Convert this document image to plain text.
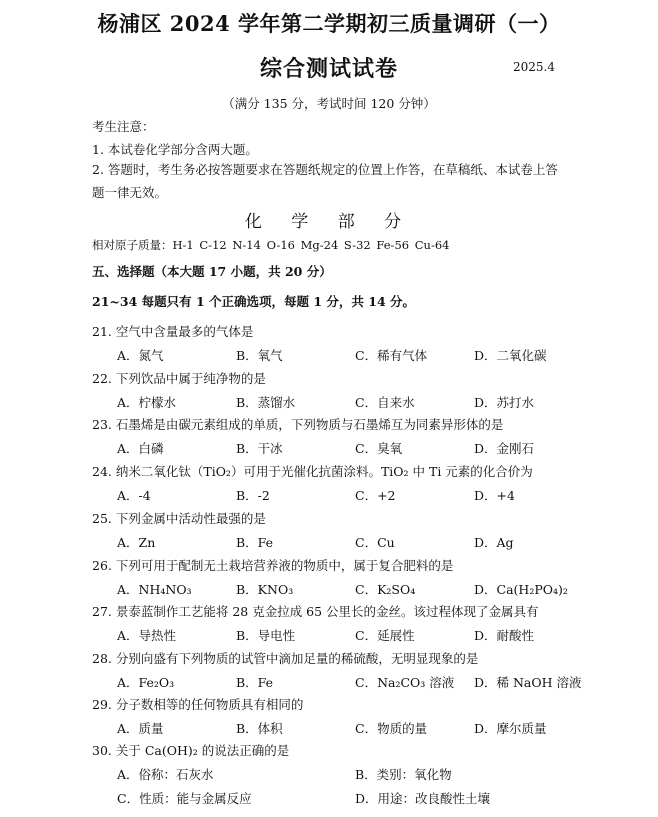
杨浦区 2024 学年第二学期初三质量调研（一）
综合测试试卷	2025.4
（满分 135 分，考试时间 120 分钟）
考生注意：
1. 本试卷化学部分含两大题。
2. 答题时，考生务必按答题要求在答题纸规定的位置上作答，在草稿纸、本试卷上答题一律无效。
化 学 部 分
相对原子质量：H-1 C-12 N-14 O-16 Mg-24 S-32 Fe-56 Cu-64
五、选择题（本大题 17 小题，共 20 分）
21~34 每题只有 1 个正确选项，每题 1 分，共 14 分。
21. 空气中含量最多的气体是
A．氮气	B．氧气	C．稀有气体	D．二氧化碳
22. 下列饮品中属于纯净物的是
A．柠檬水	B．蒸馏水	C．自来水	D．苏打水
23. 石墨烯是由碳元素组成的单质，下列物质与石墨烯互为同素异形体的是
A．白磷	B．干冰	C．臭氧	D．金刚石
24. 纳米二氧化钛（TiO₂）可用于光催化抗菌涂料。TiO₂ 中 Ti 元素的化合价为
A．-4	B．-2	C．+2	D．+4
25. 下列金属中活动性最强的是
A．Zn	B．Fe	C．Cu	D．Ag
26. 下列可用于配制无土栽培营养液的物质中，属于复合肥料的是
A．NH₄NO₃	B．KNO₃	C．K₂SO₄	D．Ca(H₂PO₄)₂
27. 景泰蓝制作工艺能将 28 克金拉成 65 公里长的金丝。该过程体现了金属具有
A．导热性	B．导电性	C．延展性	D．耐酸性
28. 分别向盛有下列物质的试管中滴加足量的稀硫酸，无明显现象的是
A．Fe₂O₃	B．Fe	C．Na₂CO₃ 溶液 D．稀 NaOH 溶液
29. 分子数相等的任何物质具有相同的
A．质量	B．体积	C．物质的量	D．摩尔质量
30. 关于 Ca(OH)₂ 的说法正确的是
A．俗称：石灰水	B．类别：氧化物
C．性质：能与金属反应	D．用途：改良酸性土壤
